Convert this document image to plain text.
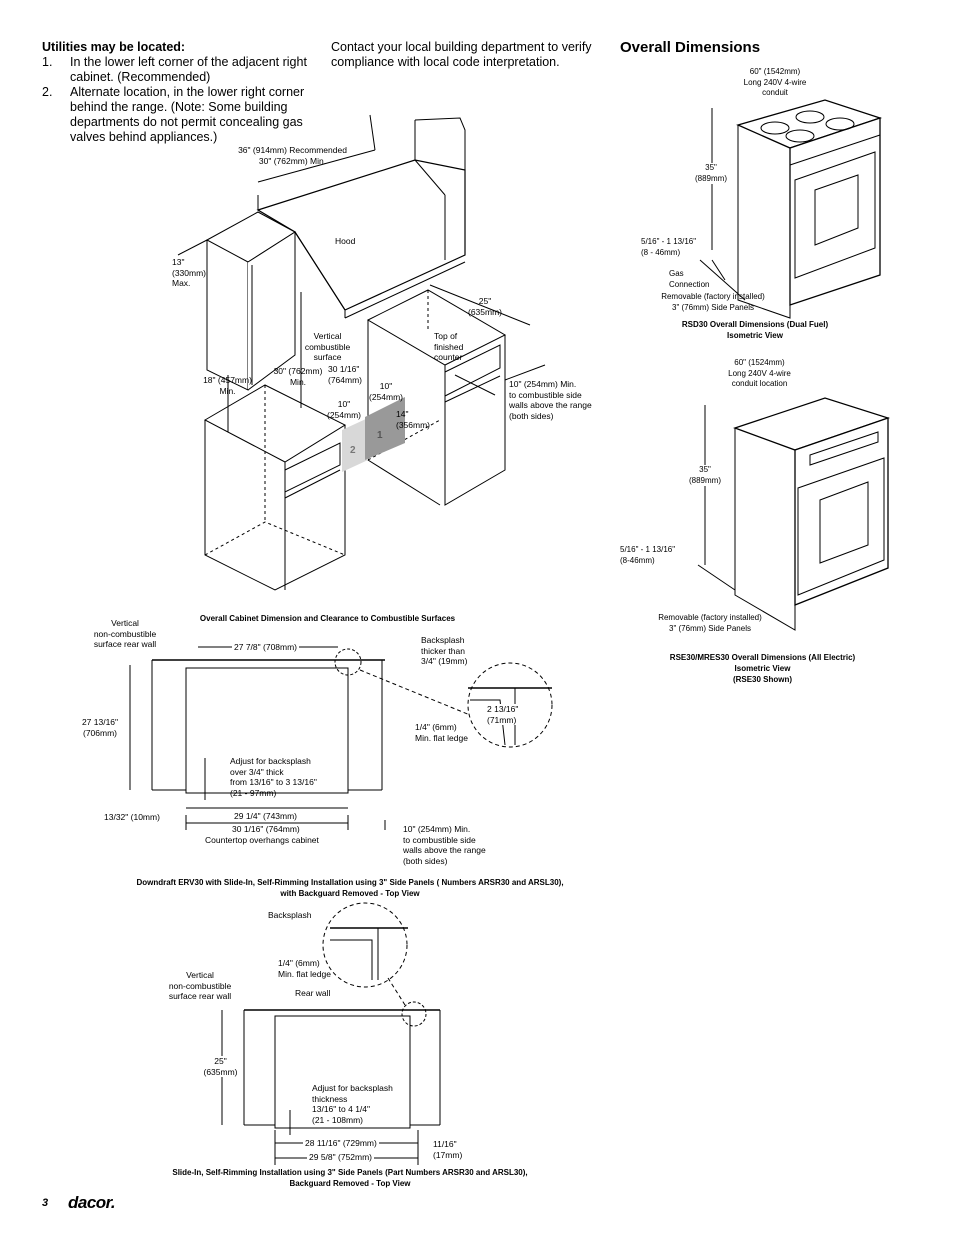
Utilities may be located:
1.	In the lower left corner of the adjacent right cabinet. (Recommended)
2.	Alternate location, in the lower right corner behind the range. (Note: Some building departments do not permit concealing gas valves behind appliances.)
Contact your local building department to verify compliance with local code interpretation.
Overall Dimensions
36" (914mm) Recommended
30" (762mm) Min.
Hood
13"
(330mm)
Max.
25"
(635mm)
Vertical
combustible
surface
Top of
finished
counter
18" (457mm)
Min.
30" (762mm)
Min.
30 1/16"
(764mm)
10"
(254mm)
10"
(254mm)	14"
(356mm)
10" (254mm) Min.
to combustible side
walls above the range
(both sides)
2
1
Overall Cabinet Dimension and Clearance to Combustible Surfaces
Vertical
non-combustible
surface rear wall	27 7/8" (708mm)
27 13/16"
(706mm)
Backsplash
thicker than
3/4" (19mm)
1/4" (6mm)
Min. flat ledge
2 13/16"
(71mm)
Adjust for backsplash
over 3/4" thick
from 13/16" to 3 13/16"
(21 - 97mm)
13/32" (10mm)	29 1/4" (743mm)
30 1/16" (764mm)
Countertop overhangs cabinet
10" (254mm) Min.
to combustible side
walls above the range
(both sides)
Downdraft ERV30 with Slide-In, Self-Rimming Installation using 3" Side Panels ( Numbers ARSR30 and ARSL30),
with Backguard Removed - Top View
Backsplash
1/4" (6mm)
Min. flat ledge
Vertical
non-combustible
surface rear wall	Rear wall
25"
(635mm)
Adjust for backsplash
thickness
13/16" to 4 1/4"
(21 - 108mm)
28 11/16" (729mm)
29 5/8" (752mm)
11/16"
(17mm)
Slide-In, Self-Rimming Installation using 3" Side Panels (Part Numbers ARSR30 and ARSL30),
Backguard Removed - Top View
60" (1542mm)
Long 240V 4-wire
conduit
35"
(889mm)
5/16" - 1 13/16"
(8 - 46mm)
Gas
Connection
Removable (factory installed)
3" (76mm) Side Panels
RSD30 Overall Dimensions (Dual Fuel)
Isometric View
60" (1524mm)
Long 240V 4-wire
conduit location
35"
(889mm)
5/16" - 1 13/16"
(8-46mm)
Removable (factory installed)
3" (76mm) Side Panels
RSE30/MRES30 Overall Dimensions (All Electric)
Isometric View
(RSE30 Shown)
3 dacor.
